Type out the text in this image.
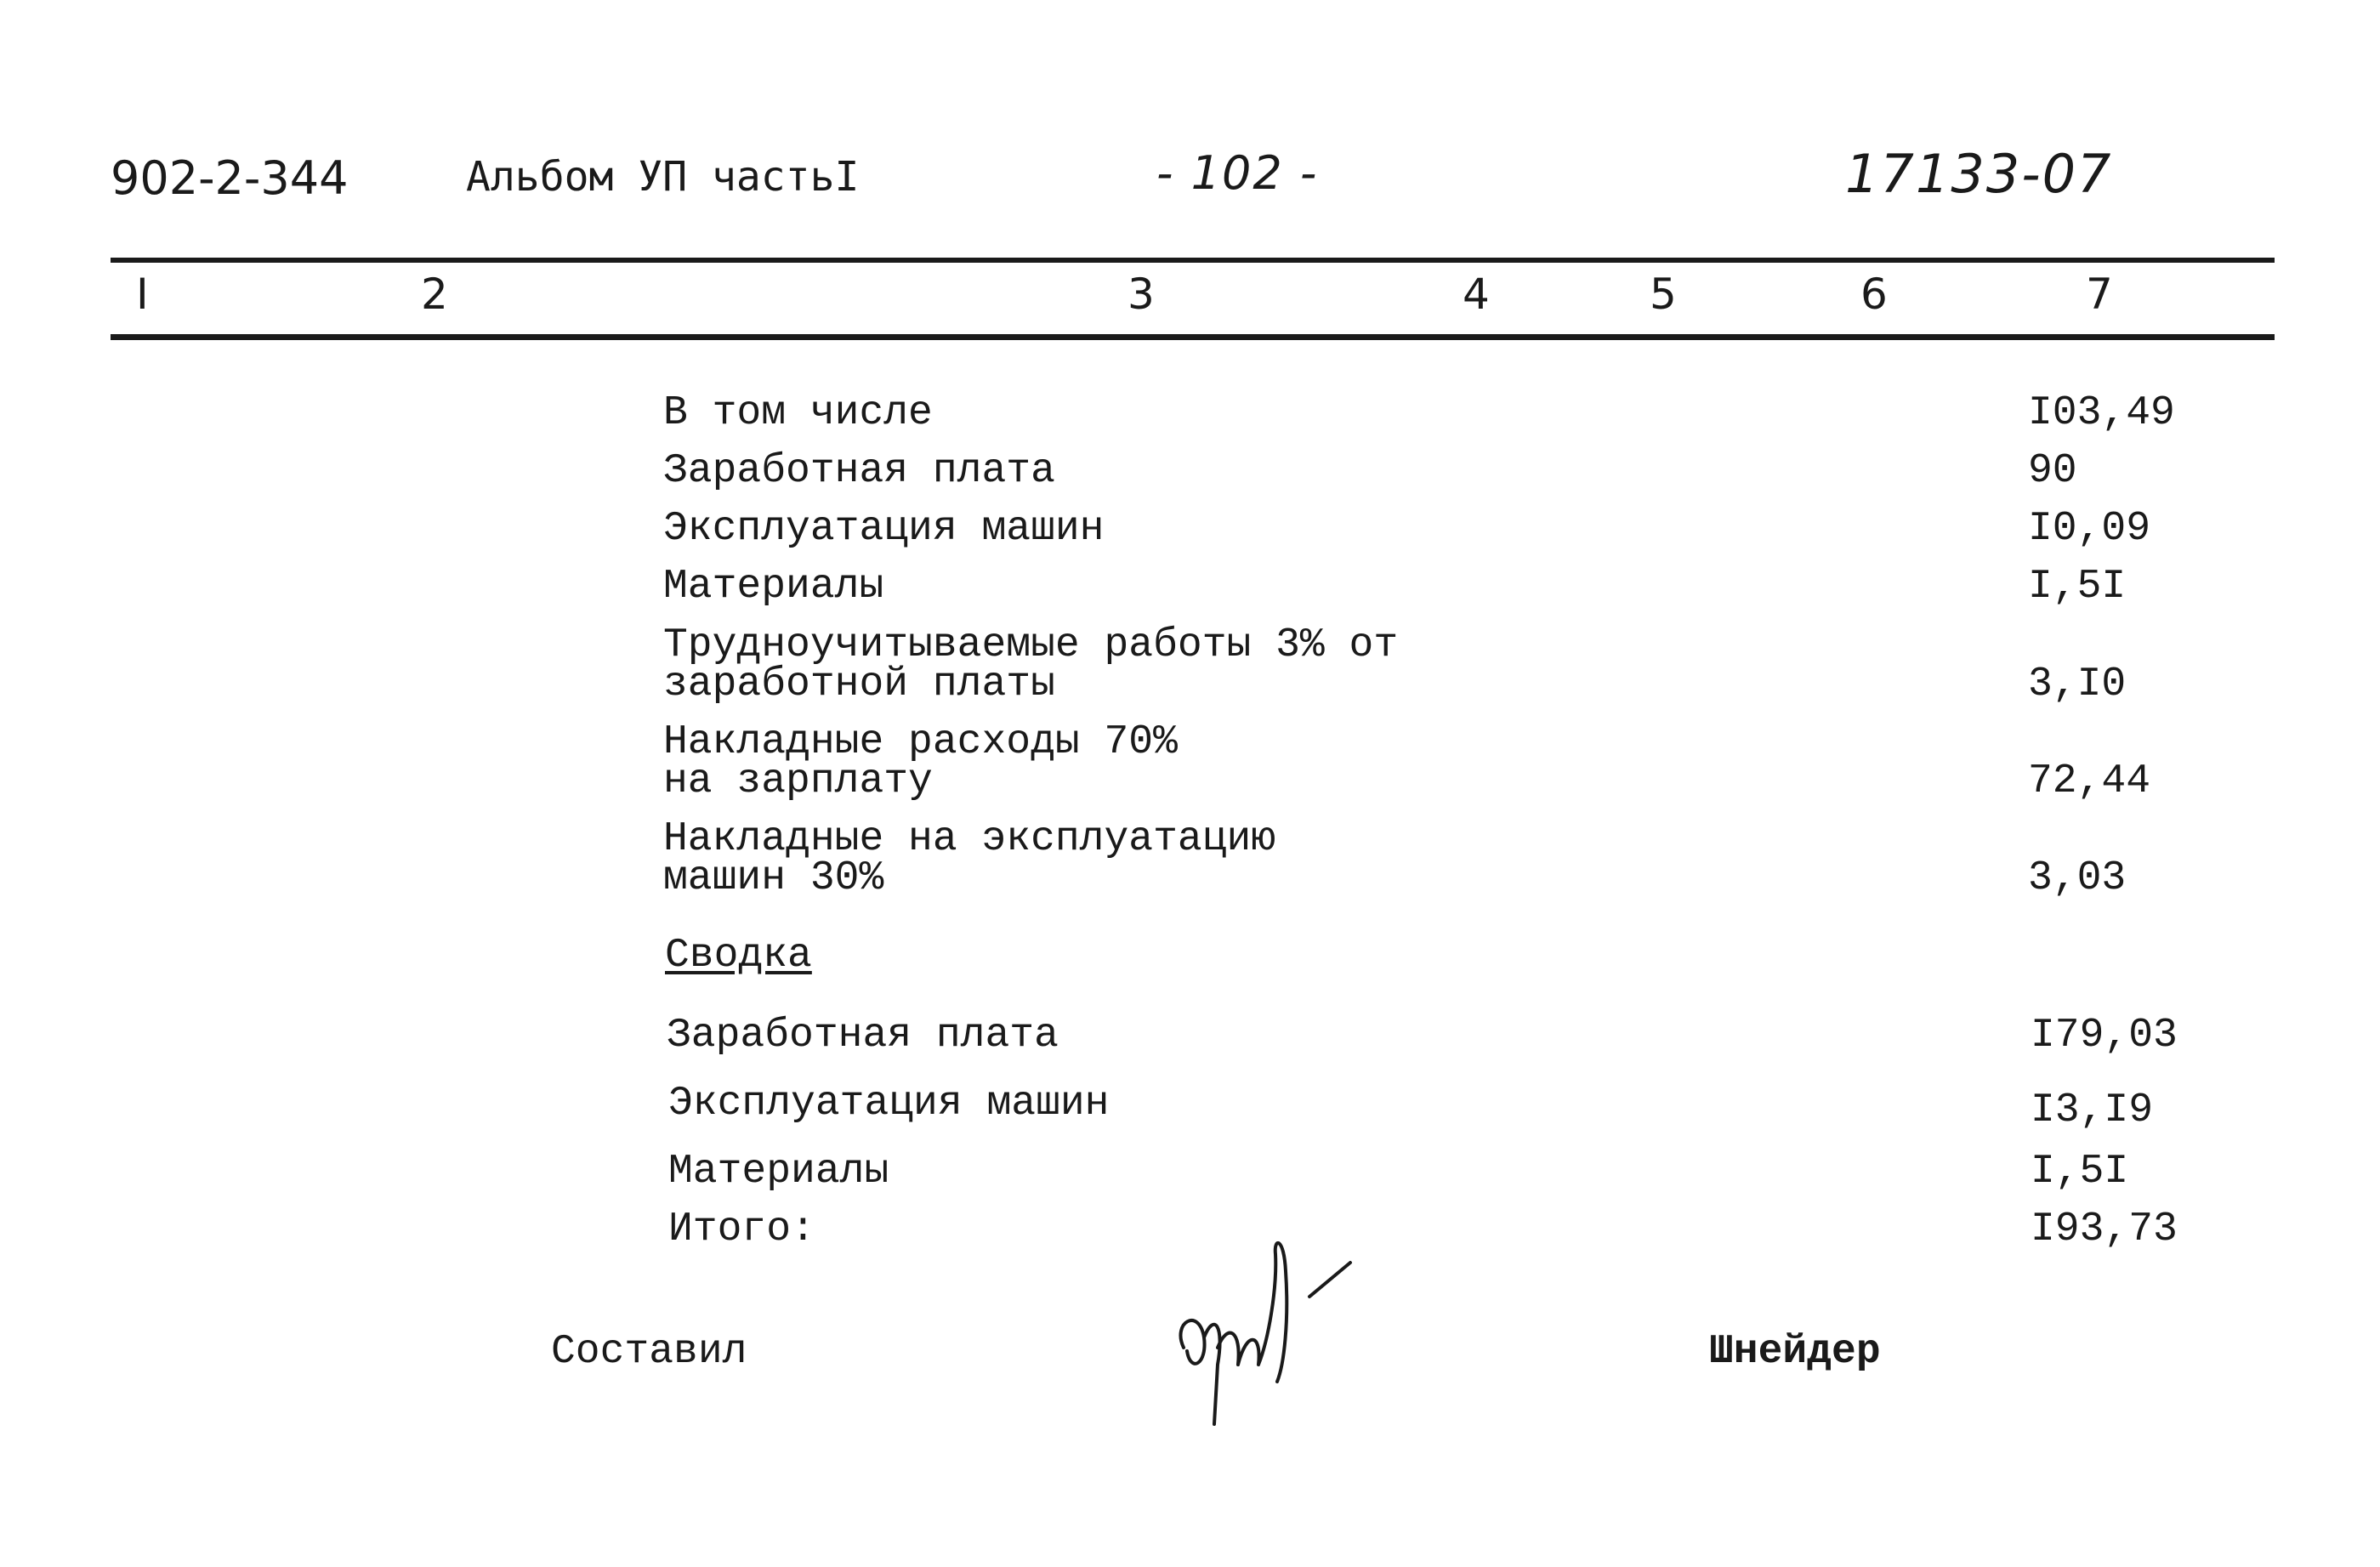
902-2-344	Альбом УП частьI	- 102 -	17133-07
I	2	3	4	5	6	7
В том числе	I03,49
Заработная плата	90
Эксплуатация машин	I0,09
Материалы	I,5I
Трудноучитываемые работы 3% от
заработной платы	3,I0
Накладные расходы 70%
на зарплату	72,44
Накладные на эксплуатацию
машин 30%	3,03
Сводка
Заработная плата	I79,03
Эксплуатация машин	I3,I9
Материалы	I,5I
Итого:	I93,73
Составил	Шнейдер
